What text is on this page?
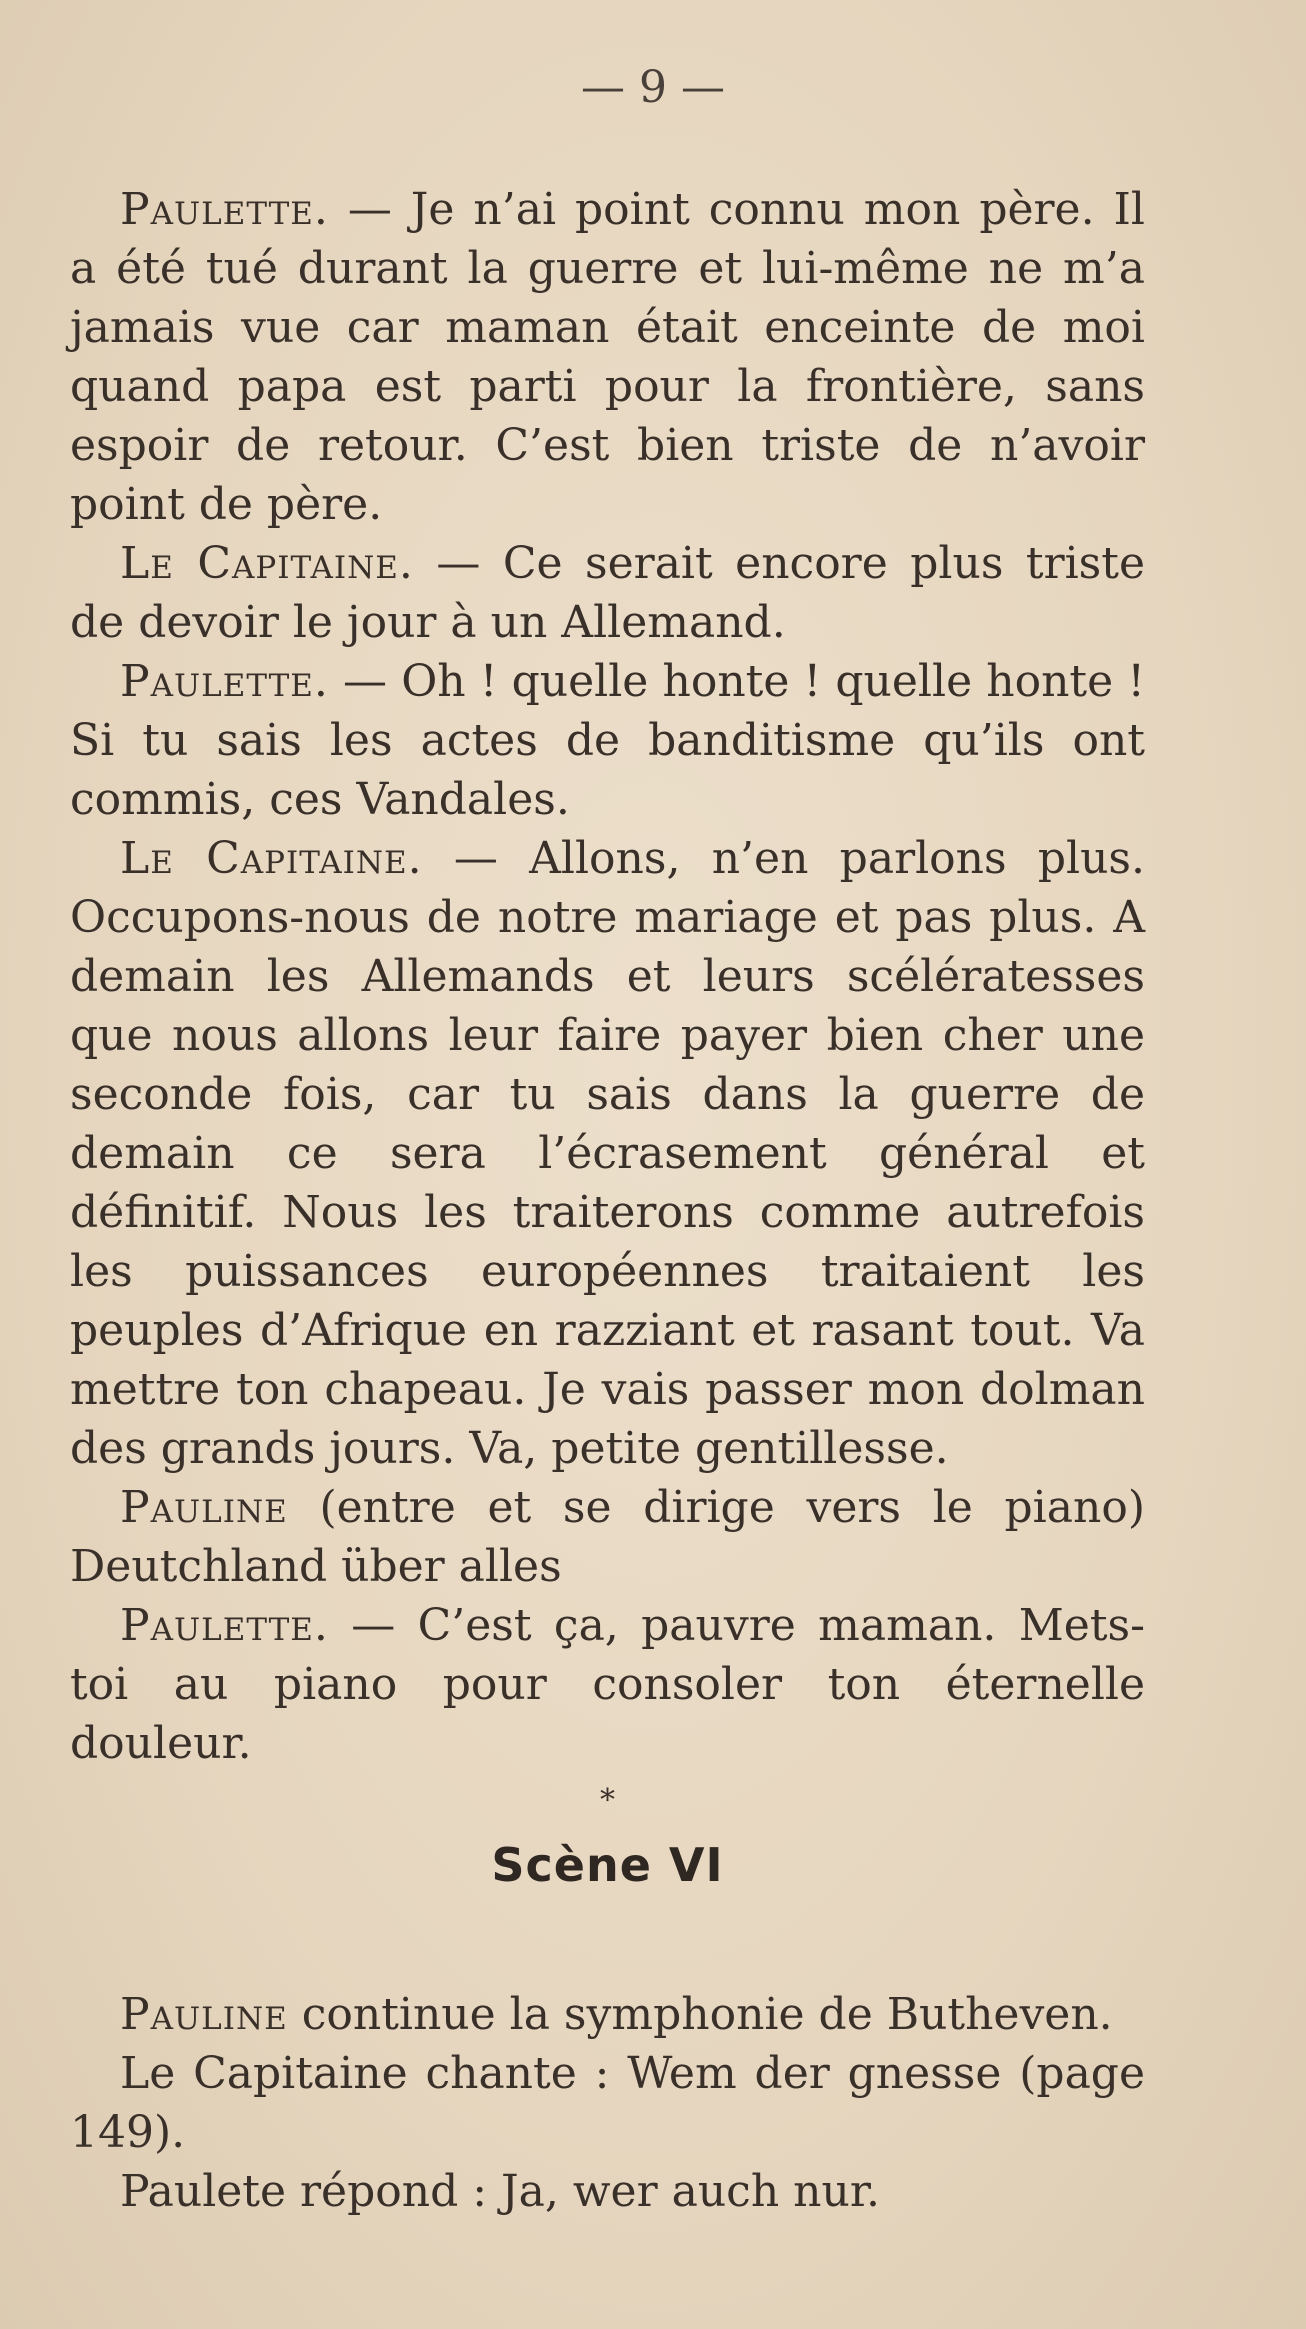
— 9 —

Paulette. — Je n’ai point connu mon père. Il a été tué durant la guerre et lui-même ne m’a jamais vue car maman était enceinte de moi quand papa est parti pour la frontière, sans espoir de retour. C’est bien triste de n’avoir point de père.

Le Capitaine. — Ce serait encore plus triste de devoir le jour à un Allemand.

Paulette. — Oh ! quelle honte ! quelle honte ! Si tu sais les actes de banditisme qu’ils ont commis, ces Vandales.

Le Capitaine. — Allons, n’en parlons plus. Occupons-nous de notre mariage et pas plus. A demain les Allemands et leurs scélératesses que nous allons leur faire payer bien cher une seconde fois, car tu sais dans la guerre de demain ce sera l’écrasement général et définitif. Nous les traiterons comme autrefois les puissances européennes traitaient les peuples d’Afrique en razziant et rasant tout. Va mettre ton chapeau. Je vais passer mon dolman des grands jours. Va, petite gentillesse.

Pauline (entre et se dirige vers le piano) Deutchland über alles

Paulette. — C’est ça, pauvre maman. Mets-toi au piano pour consoler ton éternelle douleur.

*
Scène VI

Pauline continue la symphonie de Butheven.

Le Capitaine chante : Wem der gnesse (page 149).

Paulete répond : Ja, wer auch nur.
